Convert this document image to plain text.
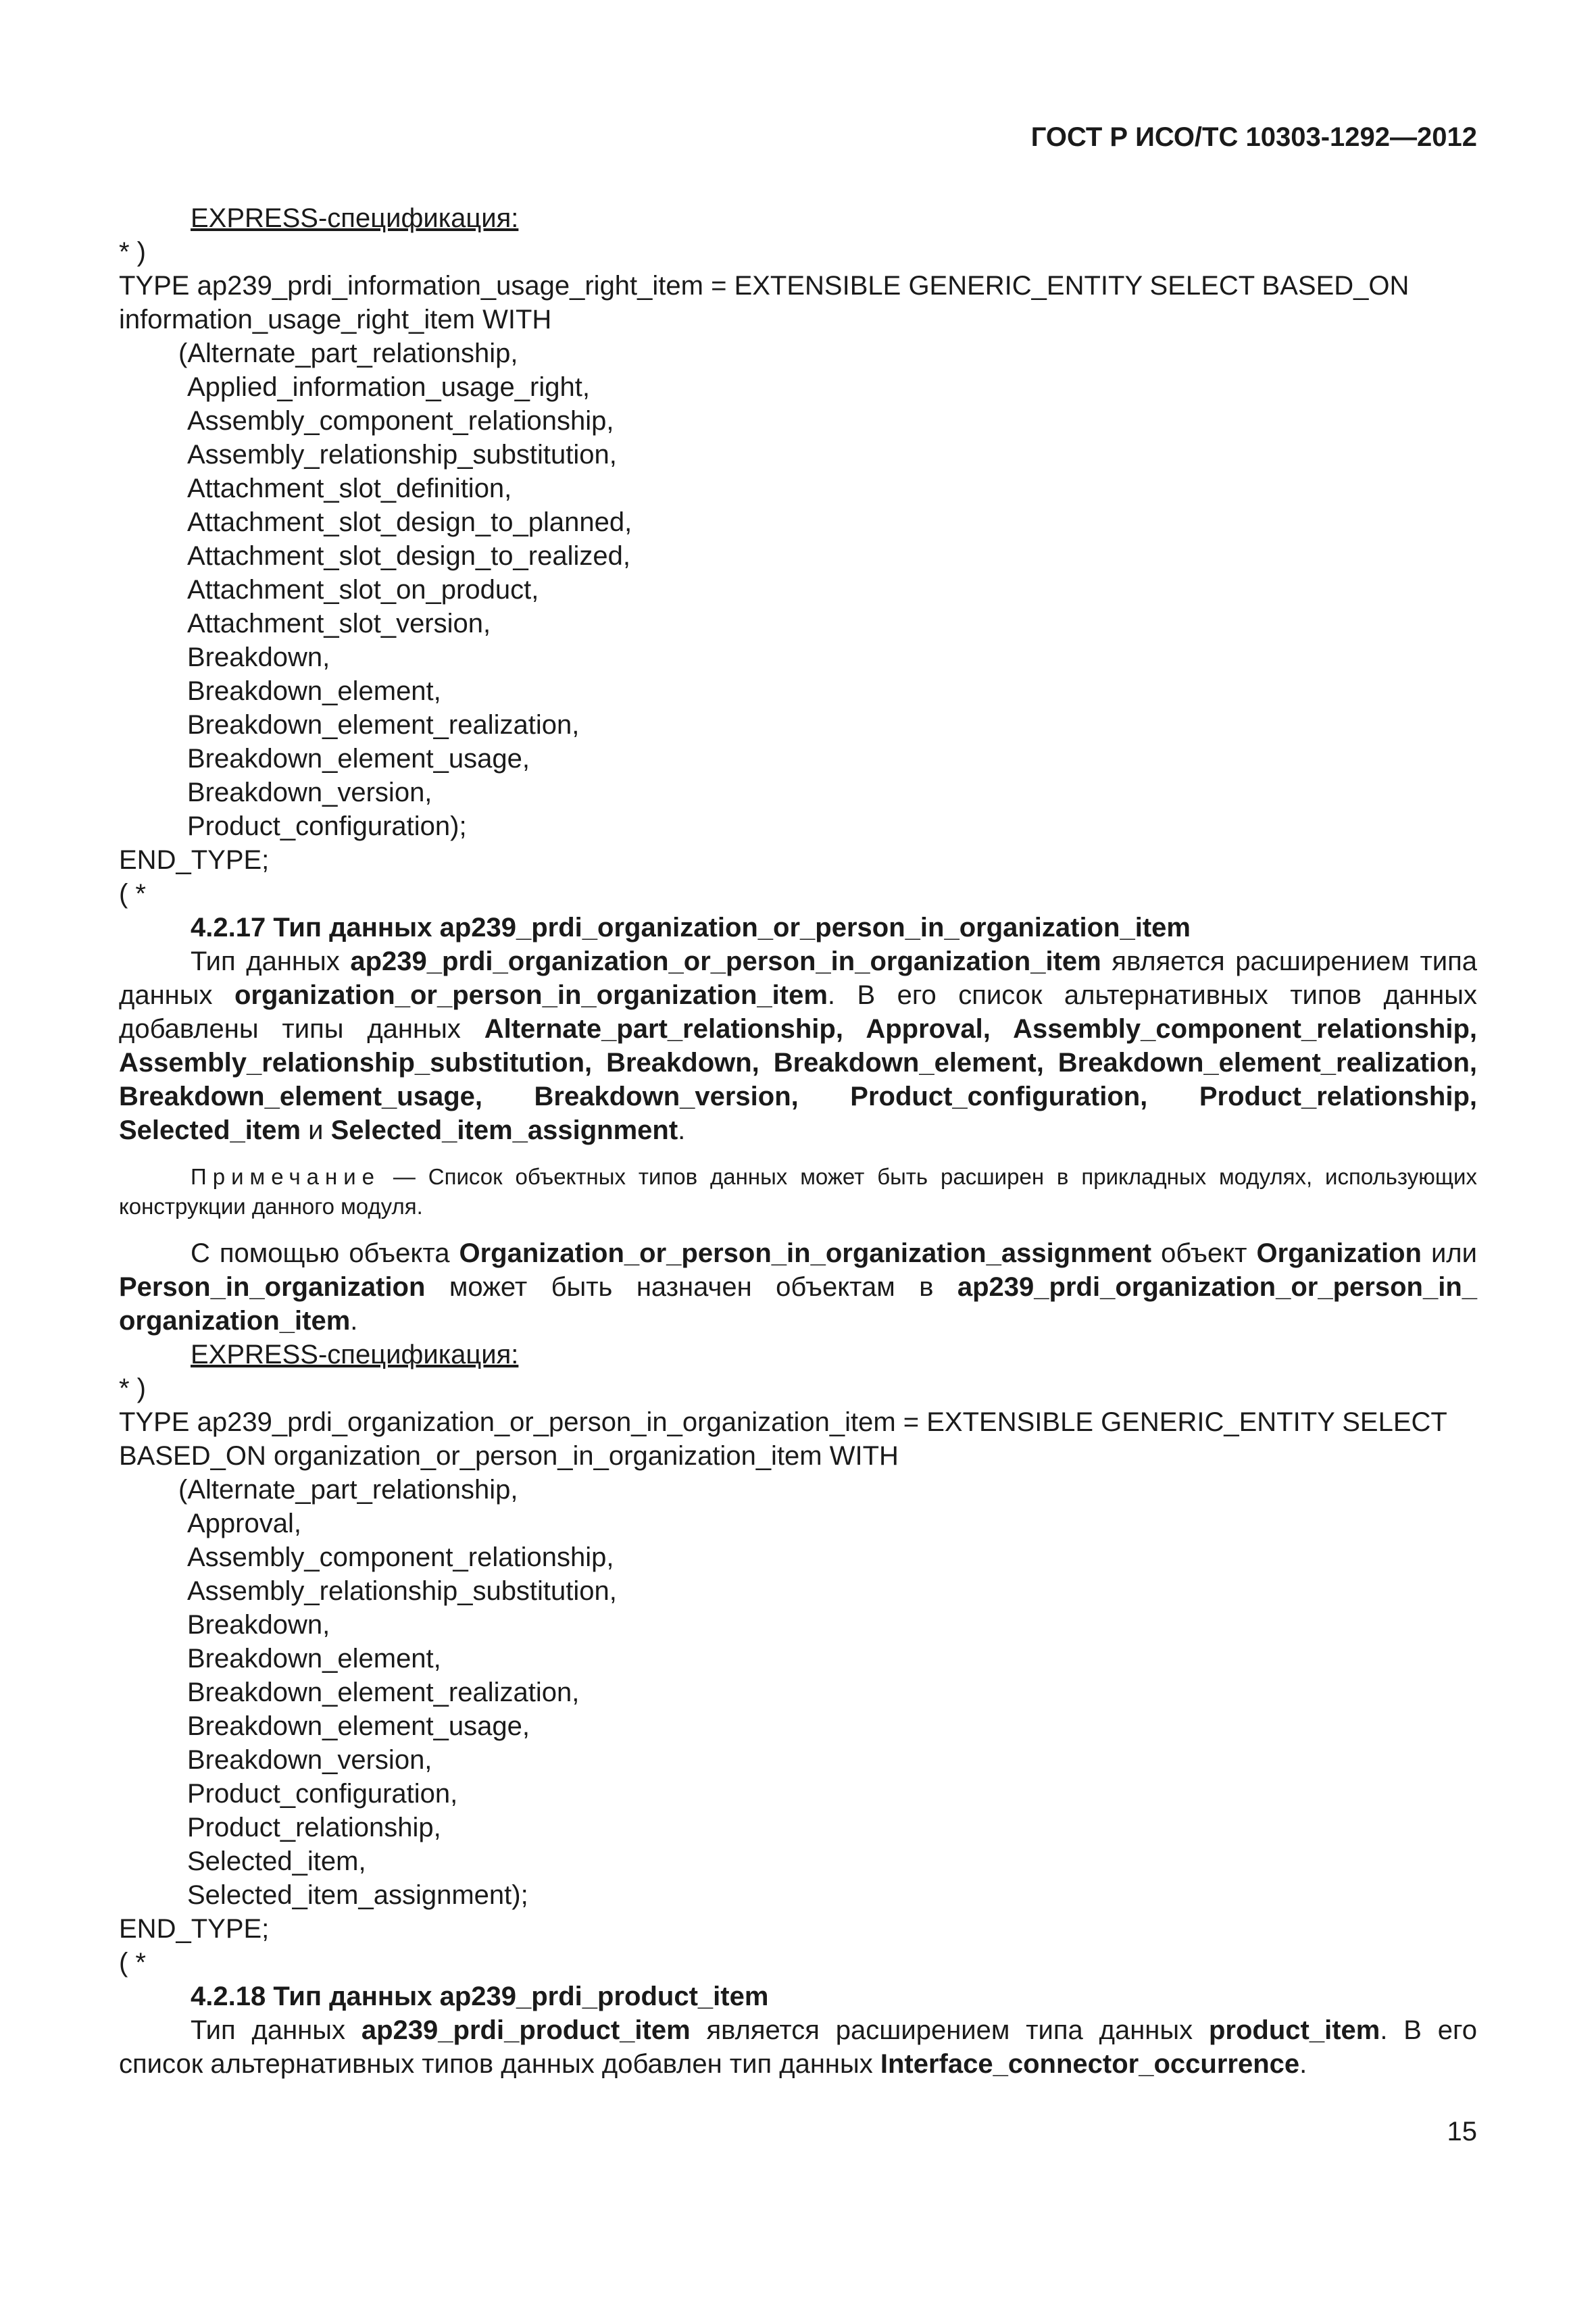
ГОСТ Р ИСО/ТС 10303-1292—2012
EXPRESS-спецификация:
* )
TYPE ap239_prdi_information_usage_right_item = EXTENSIBLE GENERIC_ENTITY SELECT BASED_ON
information_usage_right_item WITH
(Alternate_part_relationship,
Applied_information_usage_right,
Assembly_component_relationship,
Assembly_relationship_substitution,
Attachment_slot_definition,
Attachment_slot_design_to_planned,
Attachment_slot_design_to_realized,
Attachment_slot_on_product,
Attachment_slot_version,
Breakdown,
Breakdown_element,
Breakdown_element_realization,
Breakdown_element_usage,
Breakdown_version,
Product_configuration);
END_TYPE;
( *
4.2.17 Тип данных ap239_prdi_organization_or_person_in_organization_item
Тип данных ap239_prdi_organization_or_person_in_organization_item является расширением типа данных organization_or_person_in_organization_item. В его список альтернативных типов данных добавлены типы данных Alternate_part_relationship, Approval, Assembly_component_relationship, Assembly_relationship_substitution, Breakdown, Breakdown_element, Breakdown_element_realization, Breakdown_element_usage, Breakdown_version, Product_configuration, Product_relationship, Selected_item и Selected_item_assignment.
Примечание — Список объектных типов данных может быть расширен в прикладных модулях, использующих конструкции данного модуля.
С помощью объекта Organization_or_person_in_organization_assignment объект Organization или Person_in_organization может быть назначен объектам в ap239_prdi_organization_or_person_in_ organization_item.
EXPRESS-спецификация:
* )
TYPE ap239_prdi_organization_or_person_in_organization_item = EXTENSIBLE GENERIC_ENTITY SELECT
BASED_ON organization_or_person_in_organization_item WITH
(Alternate_part_relationship,
Approval,
Assembly_component_relationship,
Assembly_relationship_substitution,
Breakdown,
Breakdown_element,
Breakdown_element_realization,
Breakdown_element_usage,
Breakdown_version,
Product_configuration,
Product_relationship,
Selected_item,
Selected_item_assignment);
END_TYPE;
( *
4.2.18 Тип данных ap239_prdi_product_item
Тип данных ap239_prdi_product_item является расширением типа данных product_item. В его список альтернативных типов данных добавлен тип данных Interface_connector_occurrence.
15
